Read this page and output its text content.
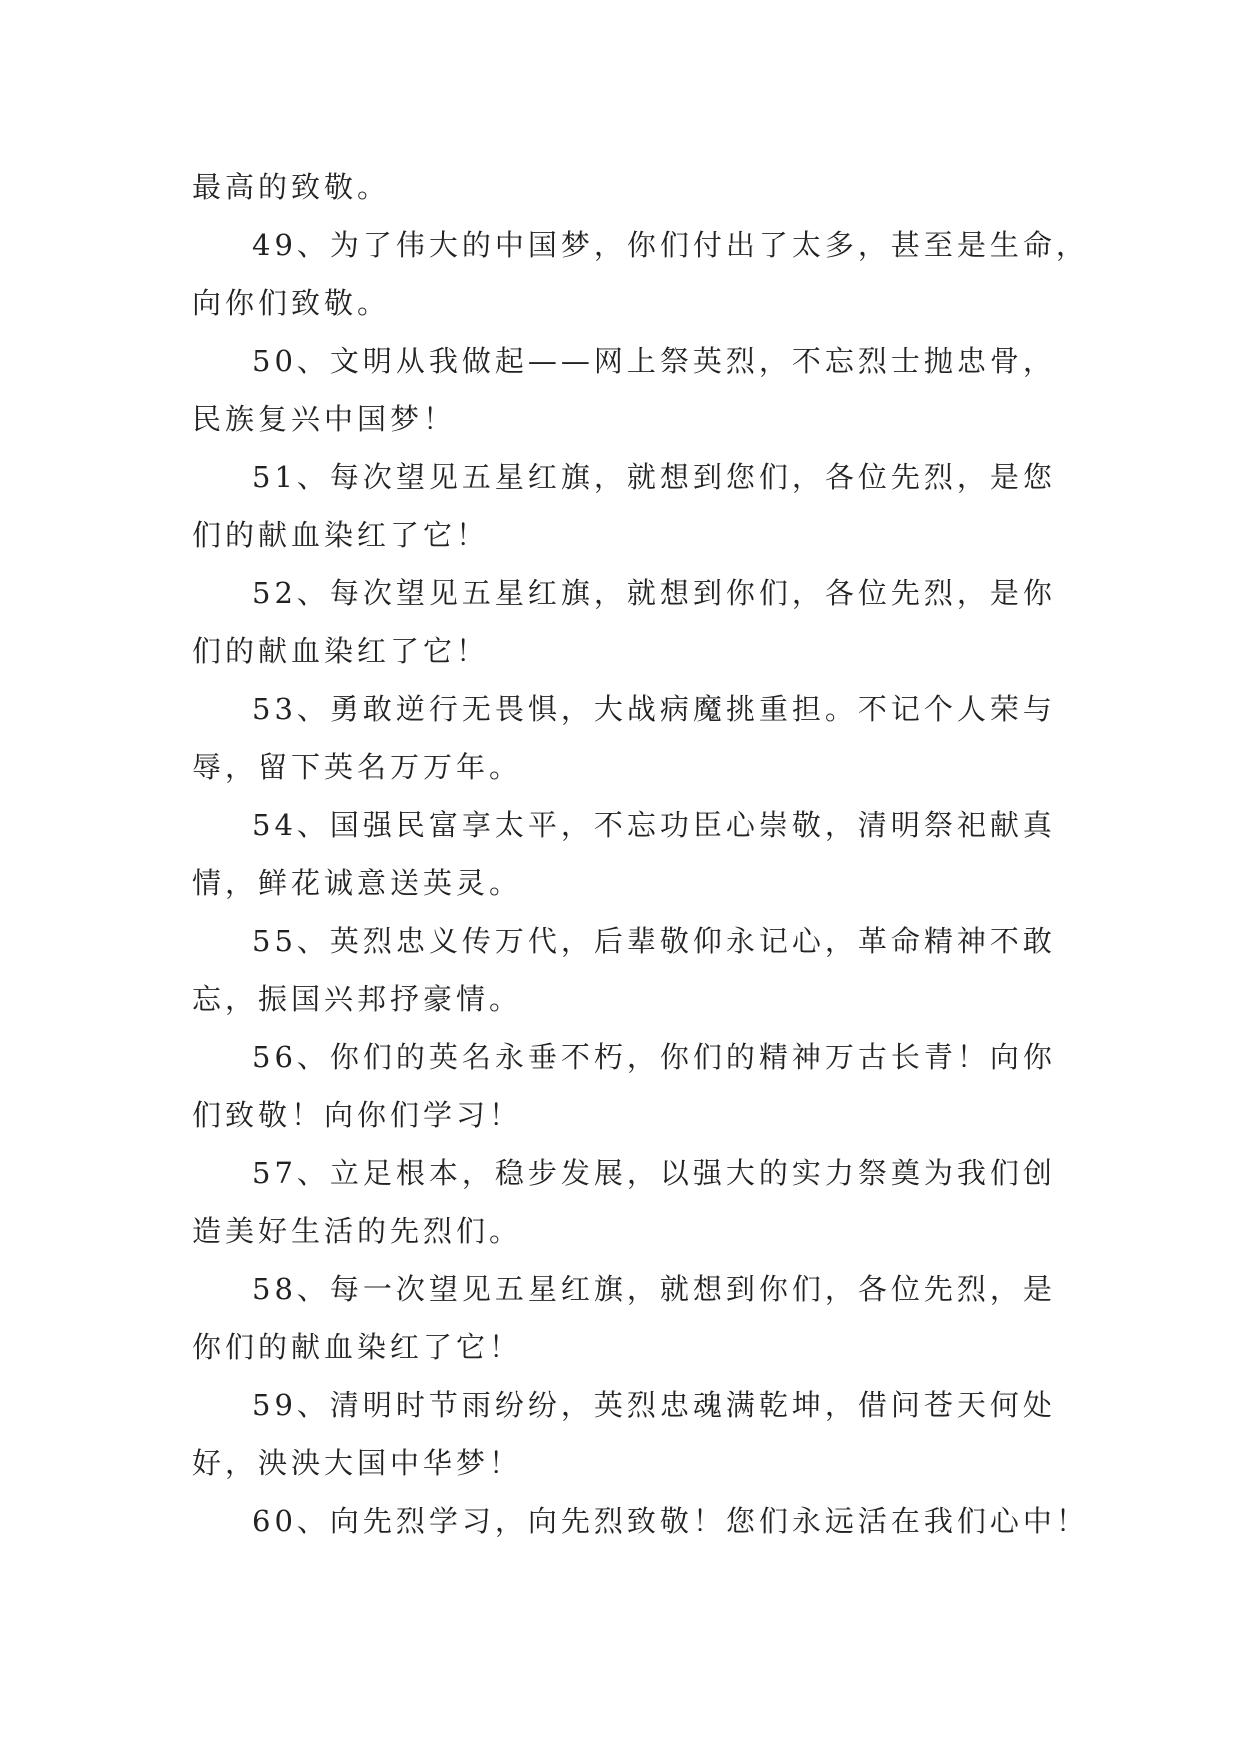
最高的致敬。
49、为了伟大的中国梦，你们付出了太多，甚至是生命，
向你们致敬。
50、文明从我做起——网上祭英烈，不忘烈士抛忠骨，
民族复兴中国梦！
51、每次望见五星红旗，就想到您们，各位先烈，是您
们的献血染红了它！
52、每次望见五星红旗，就想到你们，各位先烈，是你
们的献血染红了它！
53、勇敢逆行无畏惧，大战病魔挑重担。不记个人荣与
辱，留下英名万万年。
54、国强民富享太平，不忘功臣心崇敬，清明祭祀献真
情，鲜花诚意送英灵。
55、英烈忠义传万代，后辈敬仰永记心，革命精神不敢
忘，振国兴邦抒豪情。
56、你们的英名永垂不朽，你们的精神万古长青！向你
们致敬！向你们学习！
57、立足根本，稳步发展，以强大的实力祭奠为我们创
造美好生活的先烈们。
58、每一次望见五星红旗，就想到你们，各位先烈，是
你们的献血染红了它！
59、清明时节雨纷纷，英烈忠魂满乾坤，借问苍天何处
好，泱泱大国中华梦！
60、向先烈学习，向先烈致敬！您们永远活在我们心中！
